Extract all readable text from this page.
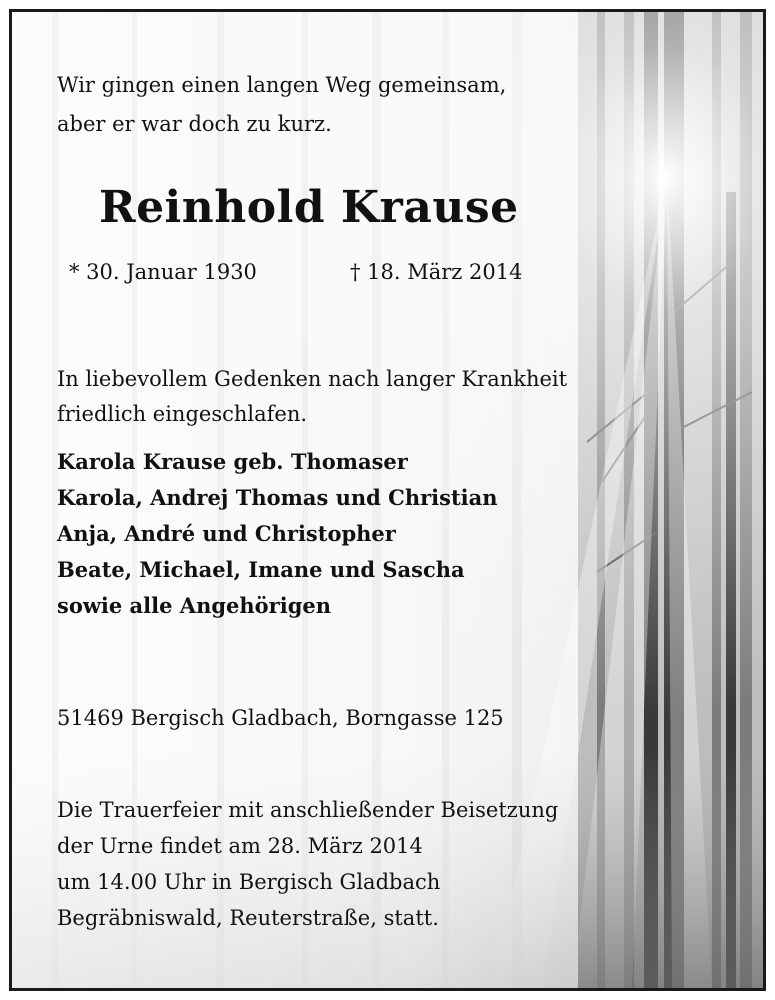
Wir gingen einen langen Weg gemeinsam,
aber er war doch zu kurz.
Reinhold Krause
* 30. Januar 1930	† 18. März 2014
In liebevollem Gedenken nach langer Krankheit
friedlich eingeschlafen.
Karola Krause geb. Thomaser
Karola, Andrej Thomas und Christian
Anja, André und Christopher
Beate, Michael, Imane und Sascha
sowie alle Angehörigen
51469 Bergisch Gladbach, Borngasse 125
Die Trauerfeier mit anschließender Beisetzung
der Urne findet am 28. März 2014
um 14.00 Uhr in Bergisch Gladbach
Begräbniswald, Reuterstraße, statt.
